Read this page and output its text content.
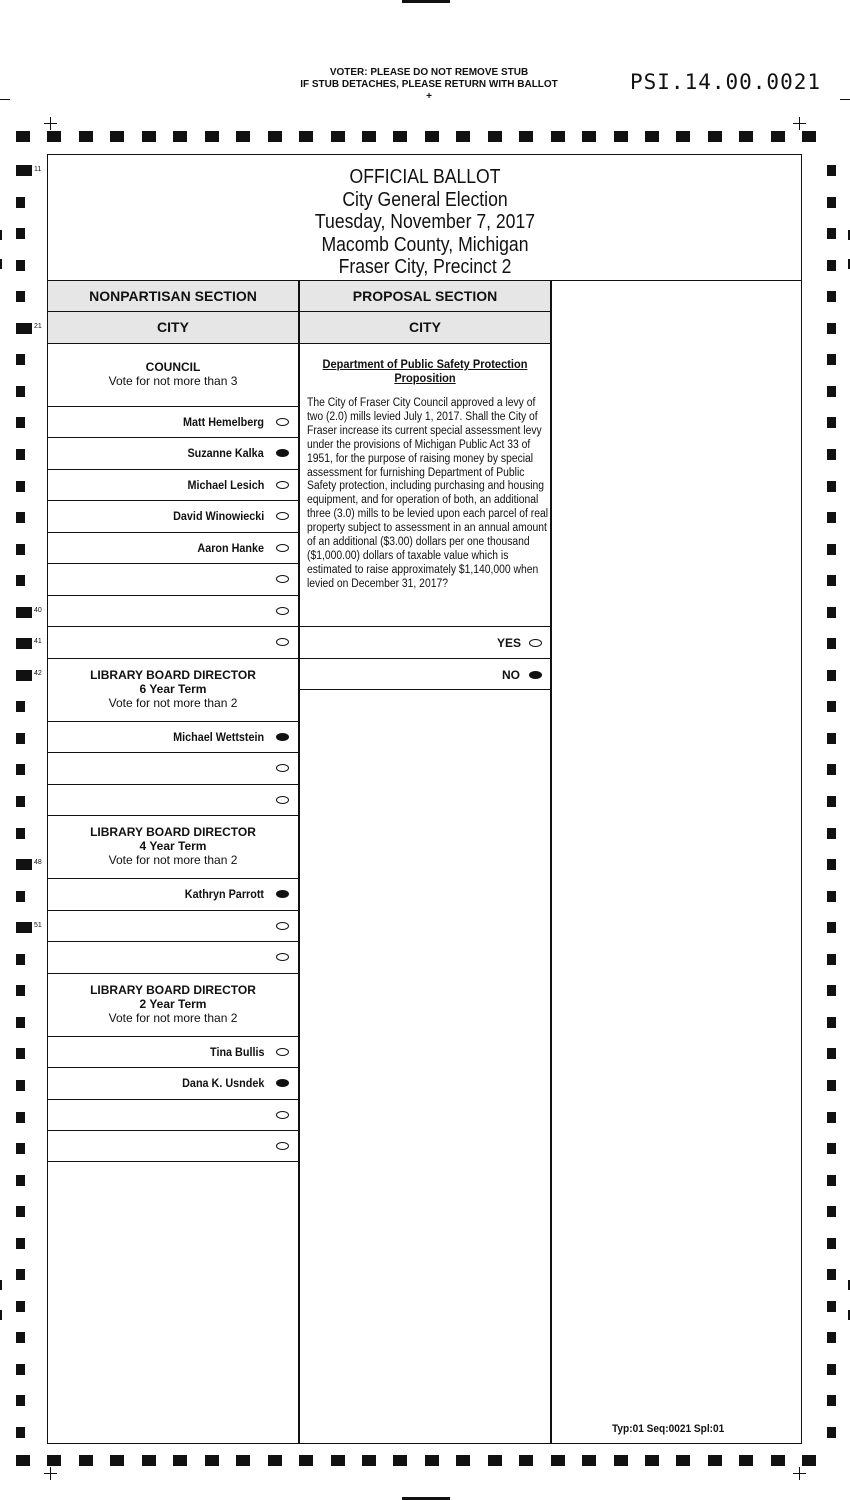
VOTER: PLEASE DO NOT REMOVE STUB
IF STUB DETACHES, PLEASE RETURN WITH BALLOT
+
PSI.14.00.0021
OFFICIAL BALLOT
City General Election
Tuesday, November 7, 2017
Macomb County, Michigan
Fraser City, Precinct 2
NONPARTISAN SECTION	PROPOSAL SECTION
CITY	CITY
COUNCIL
Vote for not more than 3
Matt Hemelberg
Suzanne Kalka
Michael Lesich
David Winowiecki
Aaron Hanke
LIBRARY BOARD DIRECTOR
6 Year Term
Vote for not more than 2
Michael Wettstein
LIBRARY BOARD DIRECTOR
4 Year Term
Vote for not more than 2
Kathryn Parrott
LIBRARY BOARD DIRECTOR
2 Year Term
Vote for not more than 2
Tina Bullis
Dana K. Usndek
Department of Public Safety Protection
Proposition
The City of Fraser City Council approved a levy of two (2.0) mills levied July 1, 2017. Shall the City of Fraser increase its current special assessment levy under the provisions of Michigan Public Act 33 of 1951, for the purpose of raising money by special assessment for furnishing Department of Public Safety protection, including purchasing and housing equipment, and for operation of both, an additional three (3.0) mills to be levied upon each parcel of real property subject to assessment in an annual amount of an additional ($3.00) dollars per one thousand ($1,000.00) dollars of taxable value which is estimated to raise approximately $1,140,000 when levied on December 31, 2017?
YES
NO
11
21
40
41
42
48
51
Typ:01 Seq:0021 Spl:01
